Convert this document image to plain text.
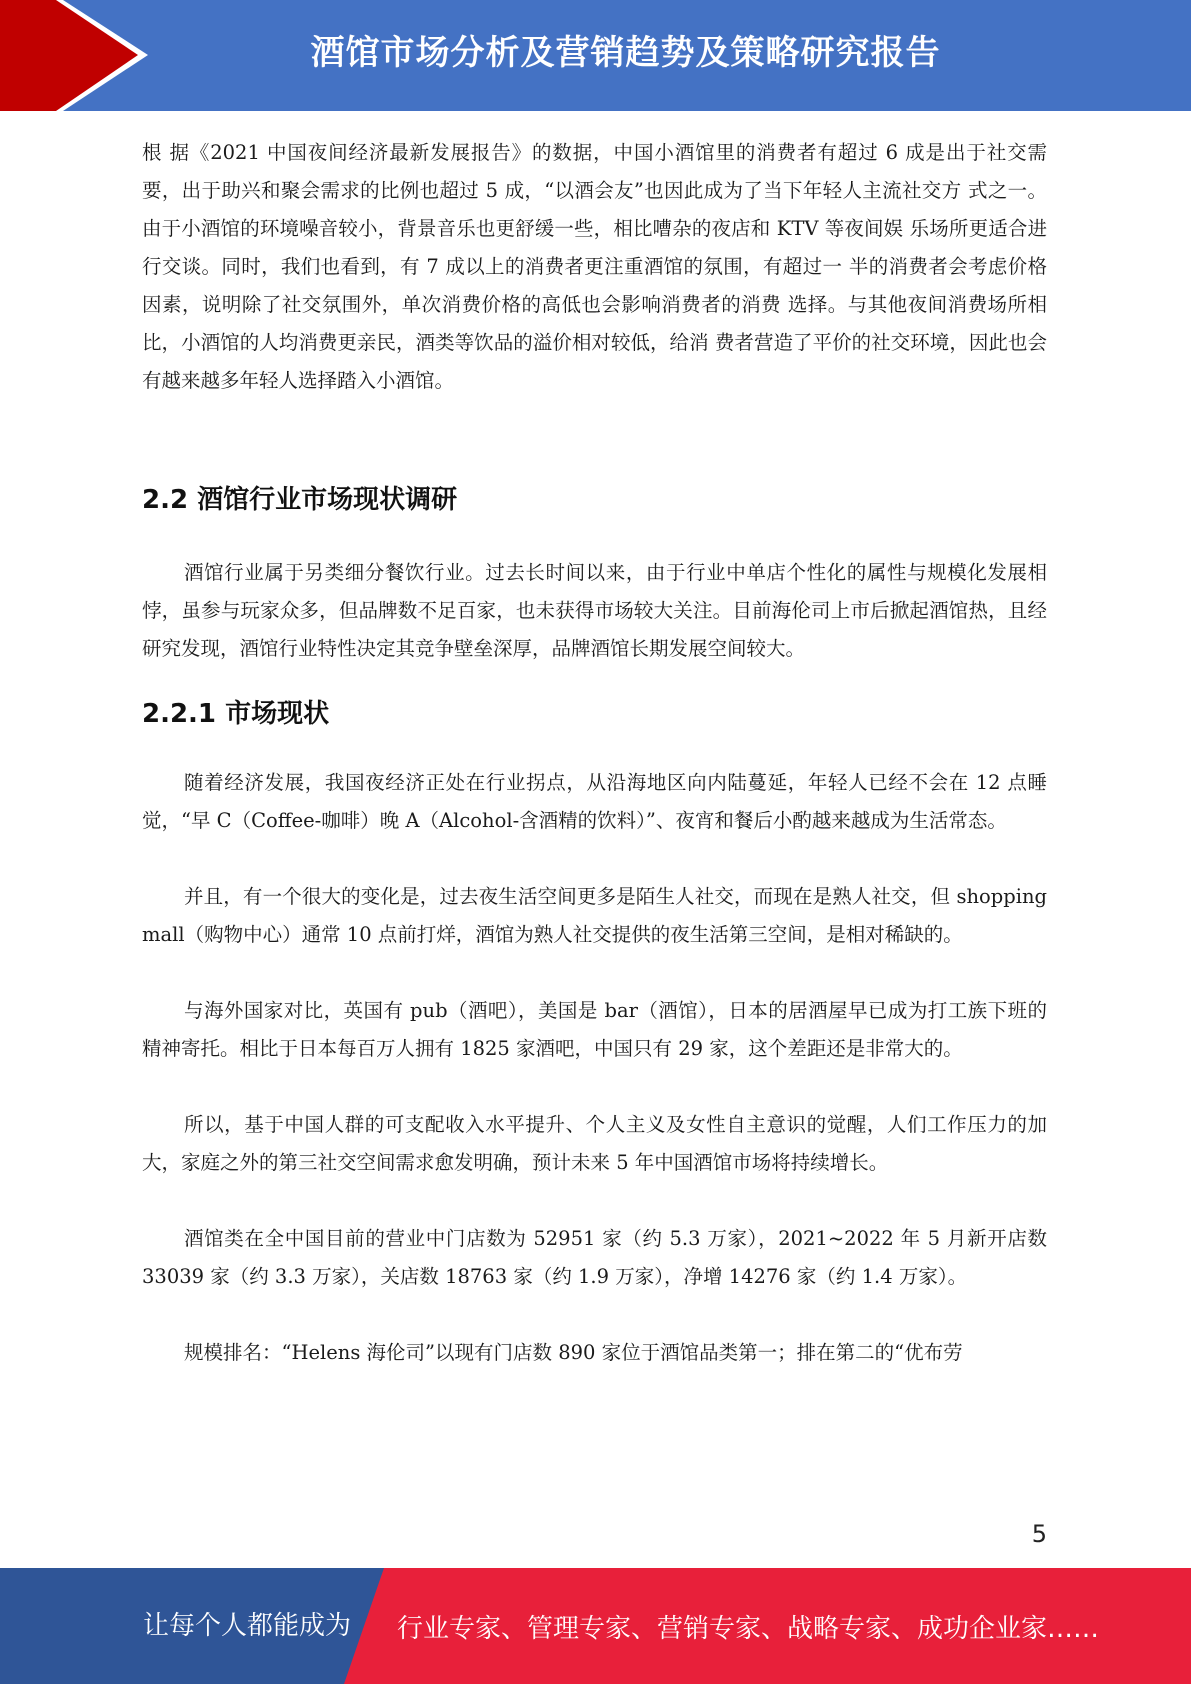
酒馆市场分析及营销趋势及策略研究报告

根 据《2021 中国夜间经济最新发展报告》的数据，中国小酒馆里的消费者有超过 6 成是出于社交需 要，出于助兴和聚会需求的比例也超过 5 成，“以酒会友”也因此成为了当下年轻人主流社交方 式之一。由于小酒馆的环境噪音较小，背景音乐也更舒缓一些，相比嘈杂的夜店和 KTV 等夜间娱 乐场所更适合进行交谈。同时，我们也看到，有 7 成以上的消费者更注重酒馆的氛围，有超过一 半的消费者会考虑价格因素，说明除了社交氛围外，单次消费价格的高低也会影响消费者的消费 选择。与其他夜间消费场所相比，小酒馆的人均消费更亲民，酒类等饮品的溢价相对较低，给消 费者营造了平价的社交环境，因此也会有越来越多年轻人选择踏入小酒馆。

2.2 酒馆行业市场现状调研

酒馆行业属于另类细分餐饮行业。过去长时间以来，由于行业中单店个性化的属性与规模化发展相悖，虽参与玩家众多，但品牌数不足百家，也未获得市场较大关注。目前海伦司上市后掀起酒馆热，且经研究发现，酒馆行业特性决定其竞争壁垒深厚，品牌酒馆长期发展空间较大。

2.2.1 市场现状

随着经济发展，我国夜经济正处在行业拐点，从沿海地区向内陆蔓延，年轻人已经不会在 12 点睡觉，“早 C（Coffee-咖啡）晚 A（Alcohol-含酒精的饮料）”、夜宵和餐后小酌越来越成为生活常态。

并且，有一个很大的变化是，过去夜生活空间更多是陌生人社交，而现在是熟人社交，但 shopping mall（购物中心）通常 10 点前打烊，酒馆为熟人社交提供的夜生活第三空间，是相对稀缺的。

与海外国家对比，英国有 pub（酒吧），美国是 bar（酒馆），日本的居酒屋早已成为打工族下班的精神寄托。相比于日本每百万人拥有 1825 家酒吧，中国只有 29 家，这个差距还是非常大的。

所以，基于中国人群的可支配收入水平提升、个人主义及女性自主意识的觉醒，人们工作压力的加大，家庭之外的第三社交空间需求愈发明确，预计未来 5 年中国酒馆市场将持续增长。

酒馆类在全中国目前的营业中门店数为 52951 家（约 5.3 万家），2021~2022 年 5 月新开店数 33039 家（约 3.3 万家），关店数 18763 家（约 1.9 万家），净增 14276 家（约 1.4 万家）。

规模排名：“Helens 海伦司”以现有门店数 890 家位于酒馆品类第一；排在第二的“优布劳

5
让每个人都能成为 行业专家、管理专家、营销专家、战略专家、成功企业家……
